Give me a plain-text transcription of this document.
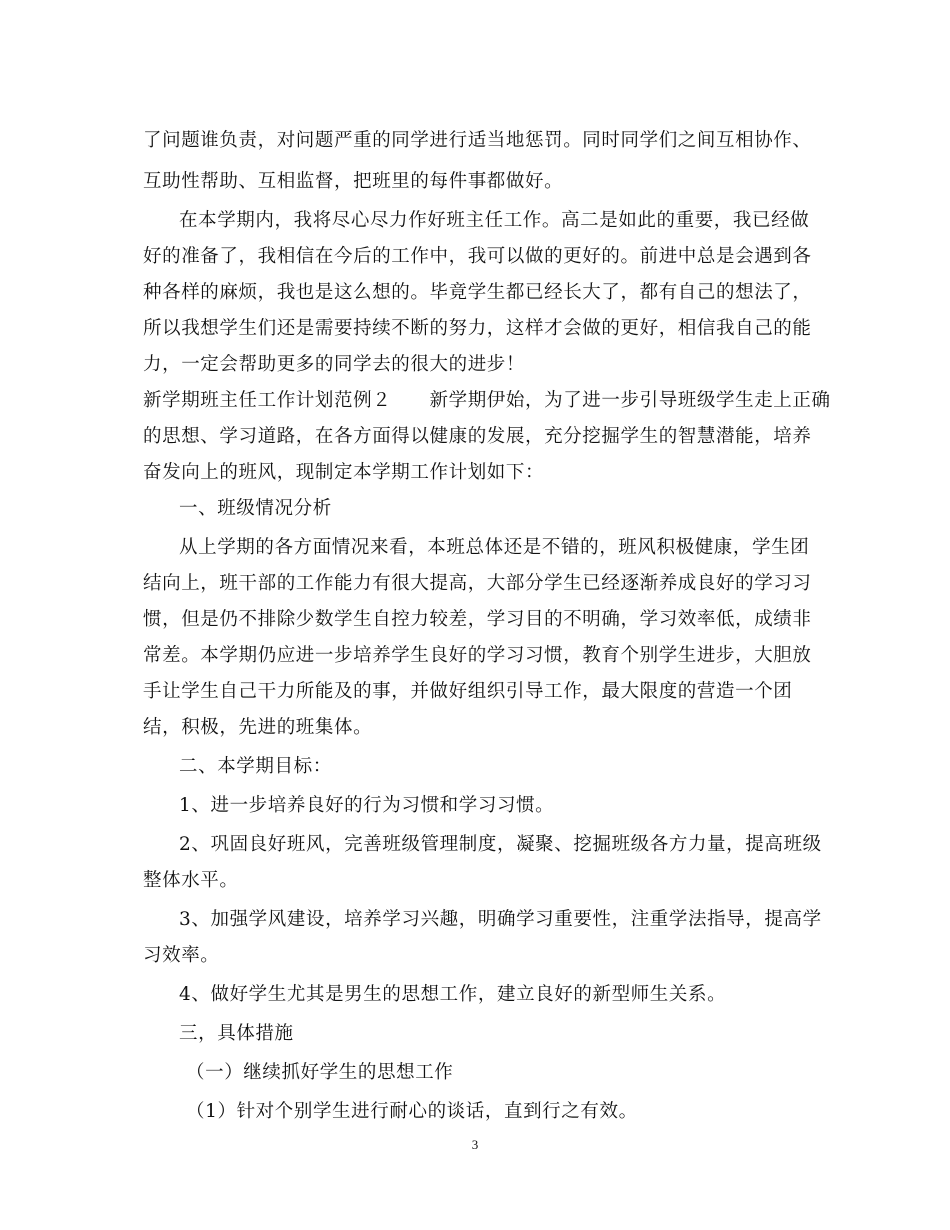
了问题谁负责，对问题严重的同学进行适当地惩罚。同时同学们之间互相协作、
互助性帮助、互相监督，把班里的每件事都做好。
在本学期内，我将尽心尽力作好班主任工作。高二是如此的重要，我已经做
好的准备了，我相信在今后的工作中，我可以做的更好的。前进中总是会遇到各
种各样的麻烦，我也是这么想的。毕竟学生都已经长大了，都有自己的想法了，
所以我想学生们还是需要持续不断的努力，这样才会做的更好，相信我自己的能
力，一定会帮助更多的同学去的很大的进步！
新学期班主任工作计划范例２　　新学期伊始，为了进一步引导班级学生走上正确
的思想、学习道路，在各方面得以健康的发展，充分挖掘学生的智慧潜能，培养
奋发向上的班风，现制定本学期工作计划如下：
一、班级情况分析
从上学期的各方面情况来看，本班总体还是不错的，班风积极健康，学生团
结向上，班干部的工作能力有很大提高，大部分学生已经逐渐养成良好的学习习
惯，但是仍不排除少数学生自控力较差，学习目的不明确，学习效率低，成绩非
常差。本学期仍应进一步培养学生良好的学习习惯，教育个别学生进步，大胆放
手让学生自己干力所能及的事，并做好组织引导工作，最大限度的营造一个团
结，积极，先进的班集体。
二、本学期目标：
1、进一步培养良好的行为习惯和学习习惯。
2、巩固良好班风，完善班级管理制度，凝聚、挖掘班级各方力量，提高班级
整体水平。
3、加强学风建设，培养学习兴趣，明确学习重要性，注重学法指导，提高学
习效率。
4、做好学生尤其是男生的思想工作，建立良好的新型师生关系。
三，具体措施
（一）继续抓好学生的思想工作
（1）针对个别学生进行耐心的谈话，直到行之有效。
3
